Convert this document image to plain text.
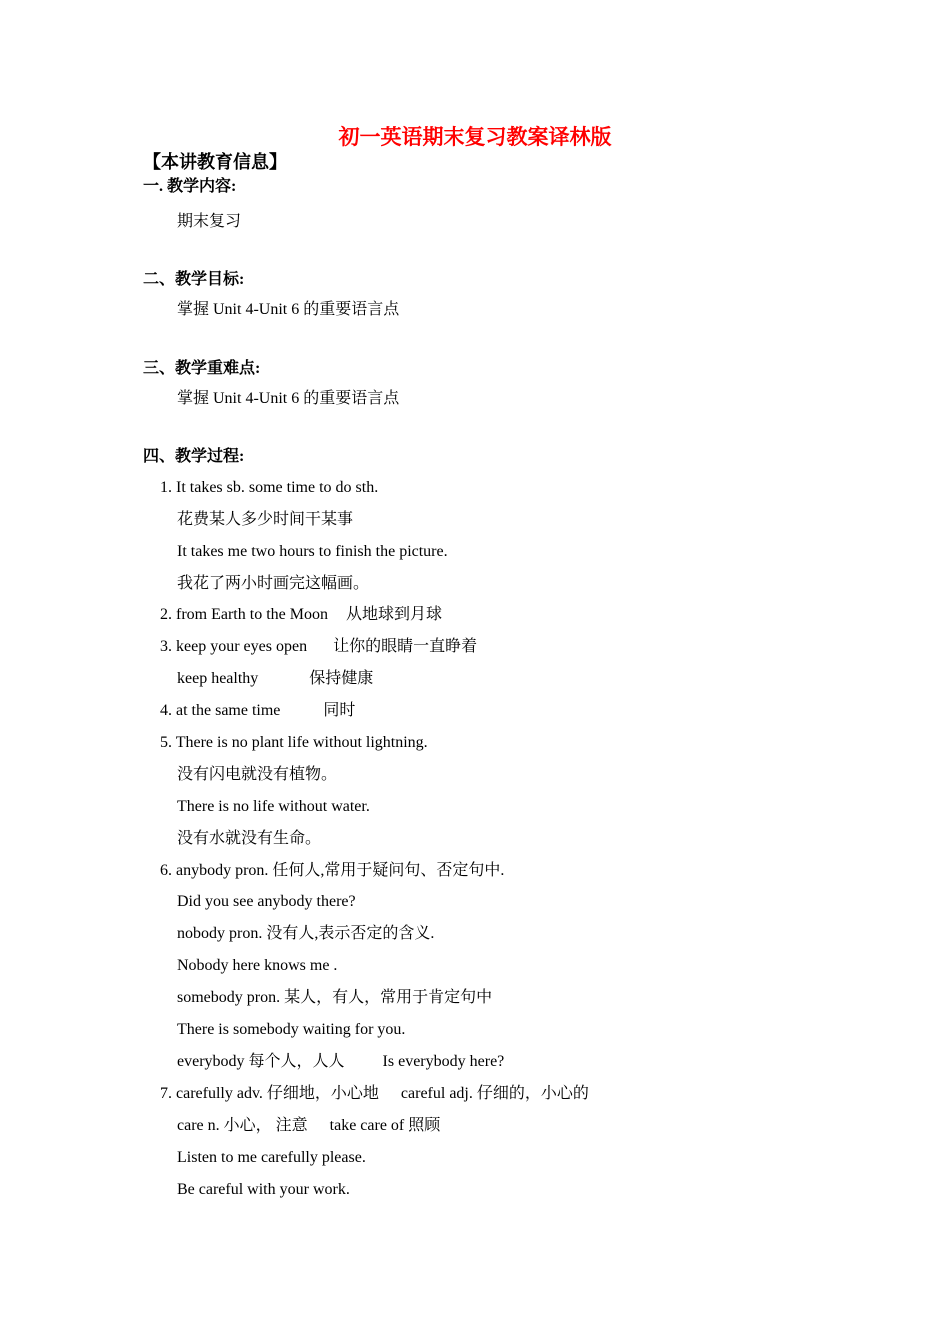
初一英语期末复习教案译林版
【本讲教育信息】
一. 教学内容:
期末复习
二、教学目标:
掌握 Unit 4-Unit 6 的重要语言点
三、教学重难点:
掌握 Unit 4-Unit 6 的重要语言点
四、教学过程:
1. It takes sb. some time to do sth.
花费某人多少时间干某事
It takes me two hours to finish the picture.
我花了两小时画完这幅画。
2. from Earth to the Moon 从地球到月球
3. keep your eyes open 让你的眼睛一直睁着
keep healthy	保持健康
4. at the same time	同时
5. There is no plant life without lightning.
没有闪电就没有植物。
There is no life without water.
没有水就没有生命。
6. anybody pron. 任何人,常用于疑问句、否定句中.
Did you see anybody there?
nobody pron. 没有人,表示否定的含义.
Nobody here knows me .
somebody pron. 某人，有人，常用于肯定句中
There is somebody waiting for you.
everybody 每个人，人人 Is everybody here?
7. carefully adv. 仔细地，小心地 careful adj. 仔细的，小心的
care n. 小心， 注意 take care of 照顾
Listen to me carefully please.
Be careful with your work.
